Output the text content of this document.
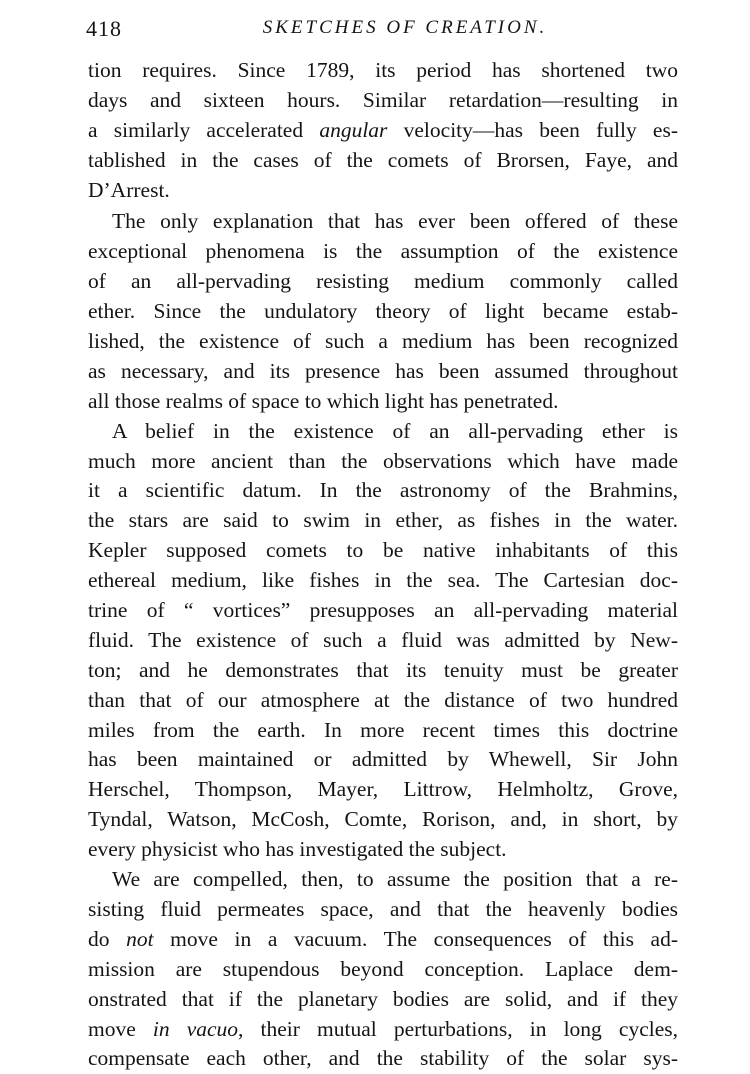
418	SKETCHES OF CREATION.
tion requires. Since 1789, its period has shortened two
days and sixteen hours. Similar retardation—resulting in
a similarly accelerated angular velocity—has been fully es-
tablished in the cases of the comets of Brorsen, Faye, and
D’Arrest.
The only explanation that has ever been offered of these
exceptional phenomena is the assumption of the existence
of an all-pervading resisting medium commonly called
ether. Since the undulatory theory of light became estab-
lished, the existence of such a medium has been recognized
as necessary, and its presence has been assumed throughout
all those realms of space to which light has penetrated.
A belief in the existence of an all-pervading ether is
much more ancient than the observations which have made
it a scientific datum. In the astronomy of the Brahmins,
the stars are said to swim in ether, as fishes in the water.
Kepler supposed comets to be native inhabitants of this
ethereal medium, like fishes in the sea. The Cartesian doc-
trine of “ vortices” presupposes an all-pervading material
fluid. The existence of such a fluid was admitted by New-
ton; and he demonstrates that its tenuity must be greater
than that of our atmosphere at the distance of two hundred
miles from the earth. In more recent times this doctrine
has been maintained or admitted by Whewell, Sir John
Herschel, Thompson, Mayer, Littrow, Helmholtz, Grove,
Tyndal, Watson, McCosh, Comte, Rorison, and, in short, by
every physicist who has investigated the subject.
We are compelled, then, to assume the position that a re-
sisting fluid permeates space, and that the heavenly bodies
do not move in a vacuum. The consequences of this ad-
mission are stupendous beyond conception. Laplace dem-
onstrated that if the planetary bodies are solid, and if they
move in vacuo, their mutual perturbations, in long cycles,
compensate each other, and the stability of the solar sys-
